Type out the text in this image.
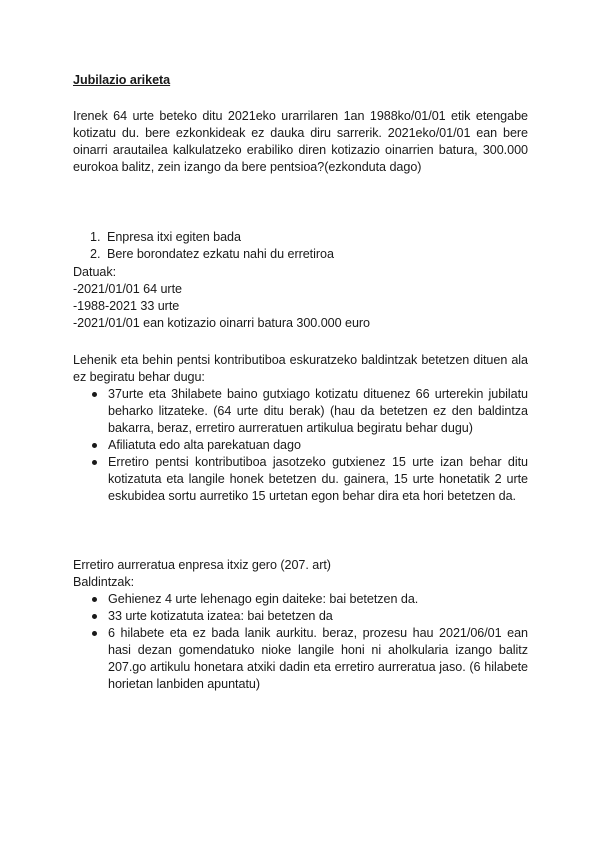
Jubilazio ariketa

Irenek 64 urte beteko ditu 2021eko urarrilaren 1an 1988ko/01/01 etik etengabe kotizatu du. bere ezkonkideak ez dauka diru sarrerik. 2021eko/01/01 ean bere oinarri arautailea kalkulatzeko erabiliko diren kotizazio oinarrien batura, 300.000 eurokoa balitz, zein izango da bere pentsioa?(ezkonduta dago)

1. Enpresa itxi egiten bada
2. Bere borondatez ezkatu nahi du erretiroa
Datuak:
-2021/01/01 64 urte
-1988-2021 33 urte
-2021/01/01 ean kotizazio oinarri batura 300.000 euro

Lehenik eta behin pentsi kontributiboa eskuratzeko baldintzak betetzen dituen ala ez begiratu behar dugu:

37urte eta 3hilabete baino gutxiago kotizatu dituenez 66 urterekin jubilatu beharko litzateke. (64 urte ditu berak) (hau da betetzen ez den baldintza bakarra, beraz, erretiro aurreratuen artikulua begiratu behar dugu)
Afiliatuta edo alta parekatuan dago
Erretiro pentsi kontributiboa jasotzeko gutxienez 15 urte izan behar ditu kotizatuta eta langile honek betetzen du. gainera, 15 urte honetatik 2 urte eskubidea sortu aurretiko 15 urtetan egon behar dira eta hori betetzen da.
Erretiro aurreratua enpresa itxiz gero (207. art)
Baldintzak:
Gehienez 4 urte lehenago egin daiteke: bai betetzen da.
33 urte kotizatuta izatea: bai betetzen da
6 hilabete eta ez bada lanik aurkitu. beraz, prozesu hau 2021/06/01 ean hasi dezan gomendatuko nioke langile honi ni aholkularia izango balitz 207.go artikulu honetara atxiki dadin eta erretiro aurreratua jaso. (6 hilabete horietan lanbiden apuntatu)
